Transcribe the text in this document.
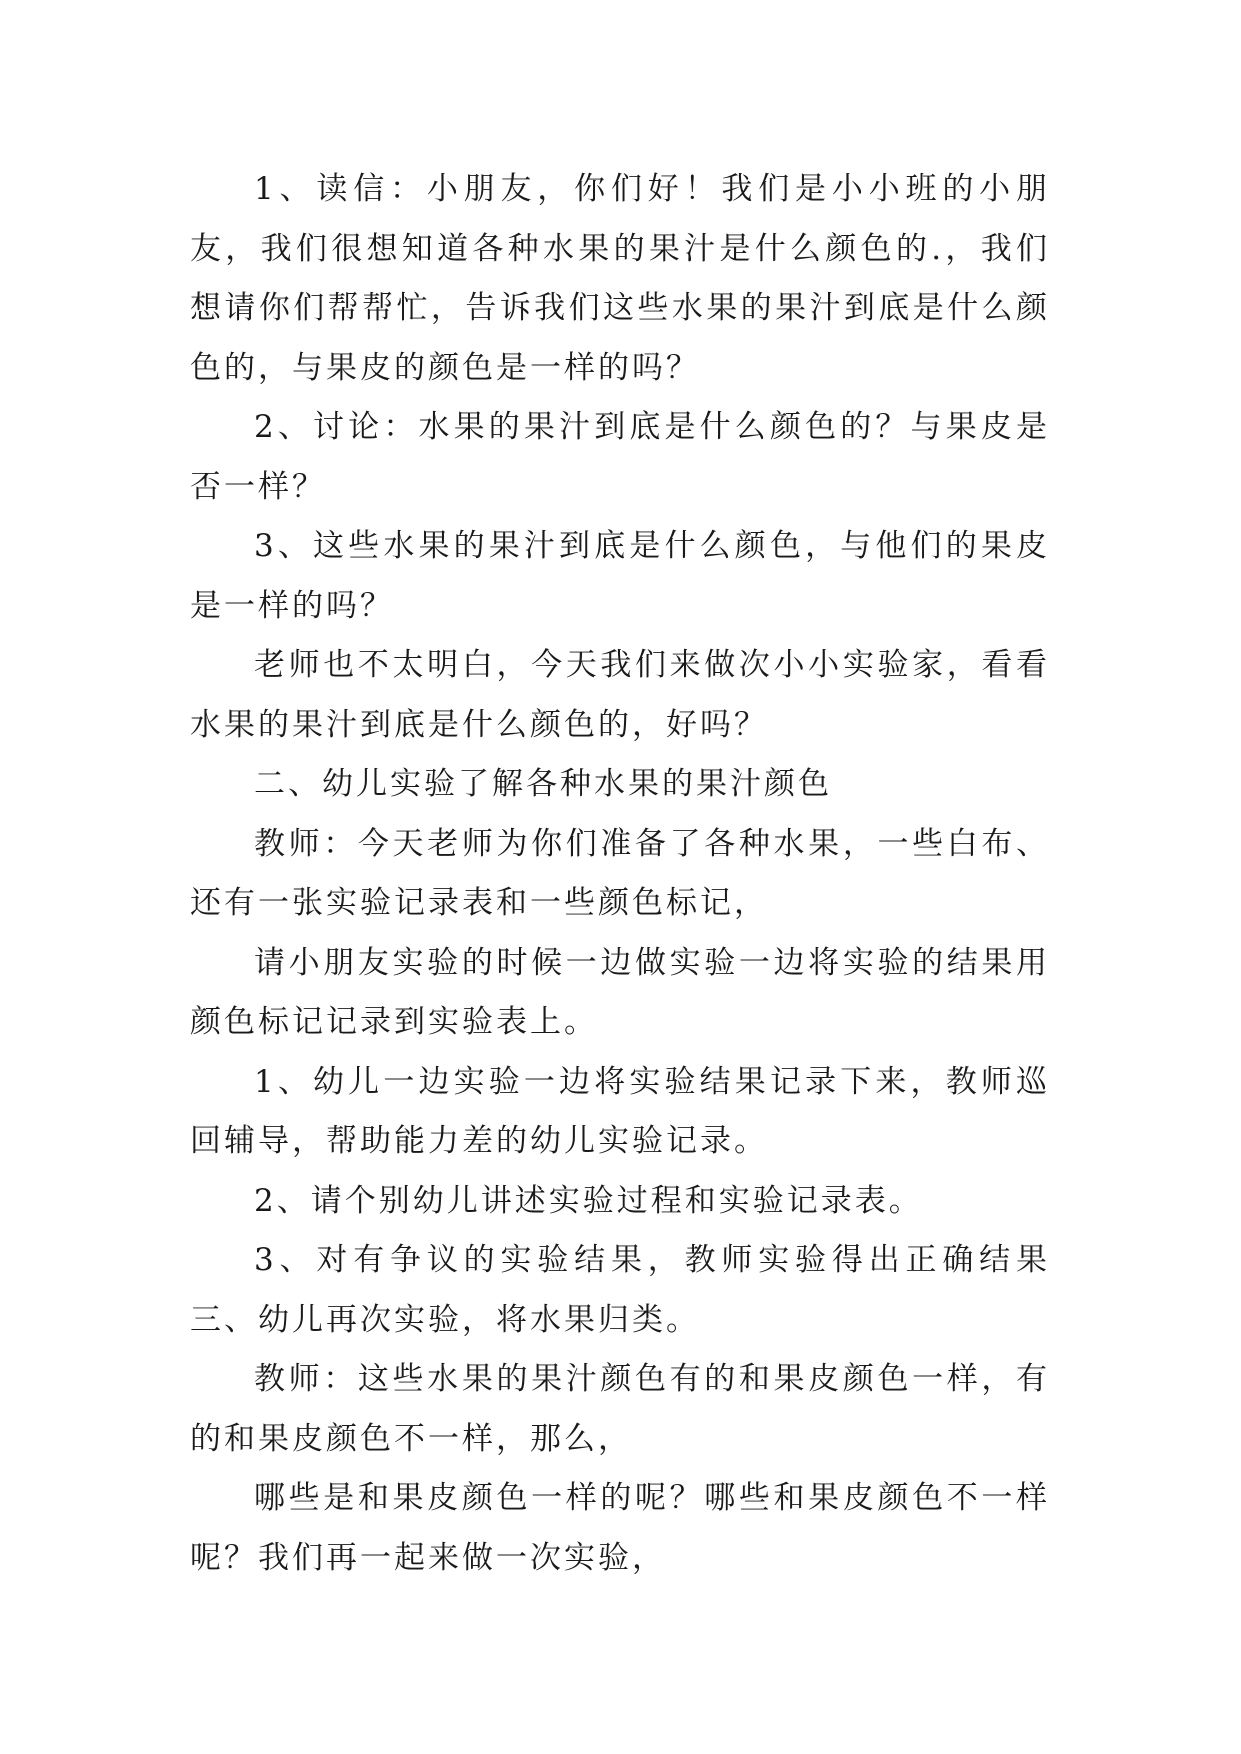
1、读信：小朋友，你们好！我们是小小班的小朋友，我们很想知道各种水果的果汁是什么颜色的.，我们想请你们帮帮忙，告诉我们这些水果的果汁到底是什么颜色的，与果皮的颜色是一样的吗？

2、讨论：水果的果汁到底是什么颜色的？与果皮是否一样？

3、这些水果的果汁到底是什么颜色，与他们的果皮是一样的吗？

老师也不太明白，今天我们来做次小小实验家，看看水果的果汁到底是什么颜色的，好吗？

二、幼儿实验了解各种水果的果汁颜色

教师：今天老师为你们准备了各种水果，一些白布、还有一张实验记录表和一些颜色标记，

请小朋友实验的时候一边做实验一边将实验的结果用颜色标记记录到实验表上。

1、幼儿一边实验一边将实验结果记录下来，教师巡回辅导，帮助能力差的幼儿实验记录。

2、请个别幼儿讲述实验过程和实验记录表。

3、对有争议的实验结果，教师实验得出正确结果三、幼儿再次实验，将水果归类。

教师：这些水果的果汁颜色有的和果皮颜色一样，有的和果皮颜色不一样，那么，

哪些是和果皮颜色一样的呢？哪些和果皮颜色不一样呢？我们再一起来做一次实验，
